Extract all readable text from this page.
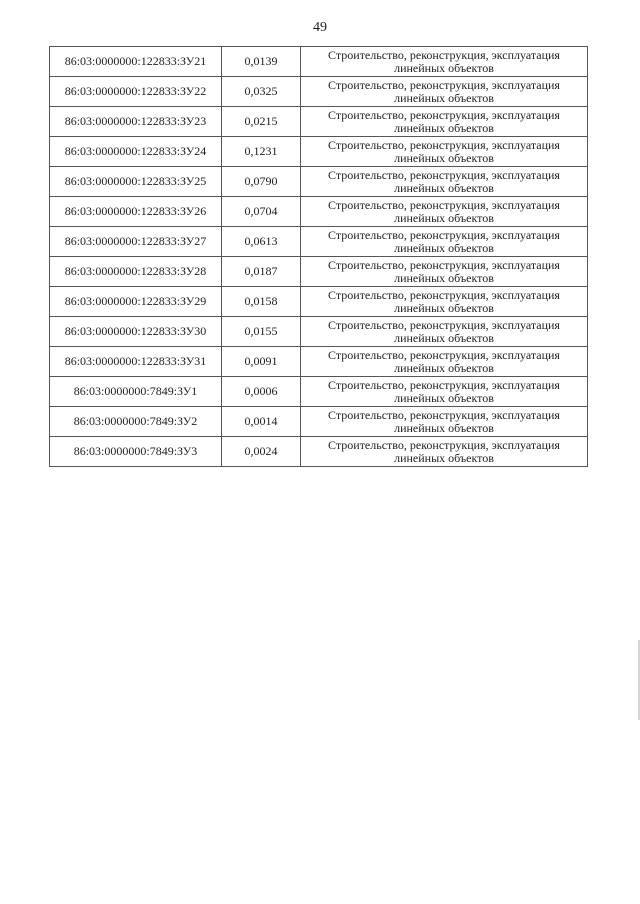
49
86:03:0000000:122833:ЗУ21	0,0139	Строительство, реконструкция, эксплуатация линейных объектов
86:03:0000000:122833:ЗУ22	0,0325	Строительство, реконструкция, эксплуатация линейных объектов
86:03:0000000:122833:ЗУ23	0,0215	Строительство, реконструкция, эксплуатация линейных объектов
86:03:0000000:122833:ЗУ24	0,1231	Строительство, реконструкция, эксплуатация линейных объектов
86:03:0000000:122833:ЗУ25	0,0790	Строительство, реконструкция, эксплуатация линейных объектов
86:03:0000000:122833:ЗУ26	0,0704	Строительство, реконструкция, эксплуатация линейных объектов
86:03:0000000:122833:ЗУ27	0,0613	Строительство, реконструкция, эксплуатация линейных объектов
86:03:0000000:122833:ЗУ28	0,0187	Строительство, реконструкция, эксплуатация линейных объектов
86:03:0000000:122833:ЗУ29	0,0158	Строительство, реконструкция, эксплуатация линейных объектов
86:03:0000000:122833:ЗУ30	0,0155	Строительство, реконструкция, эксплуатация линейных объектов
86:03:0000000:122833:ЗУ31	0,0091	Строительство, реконструкция, эксплуатация линейных объектов
86:03:0000000:7849:ЗУ1	0,0006	Строительство, реконструкция, эксплуатация линейных объектов
86:03:0000000:7849:ЗУ2	0,0014	Строительство, реконструкция, эксплуатация линейных объектов
86:03:0000000:7849:ЗУ3	0,0024	Строительство, реконструкция, эксплуатация линейных объектов
